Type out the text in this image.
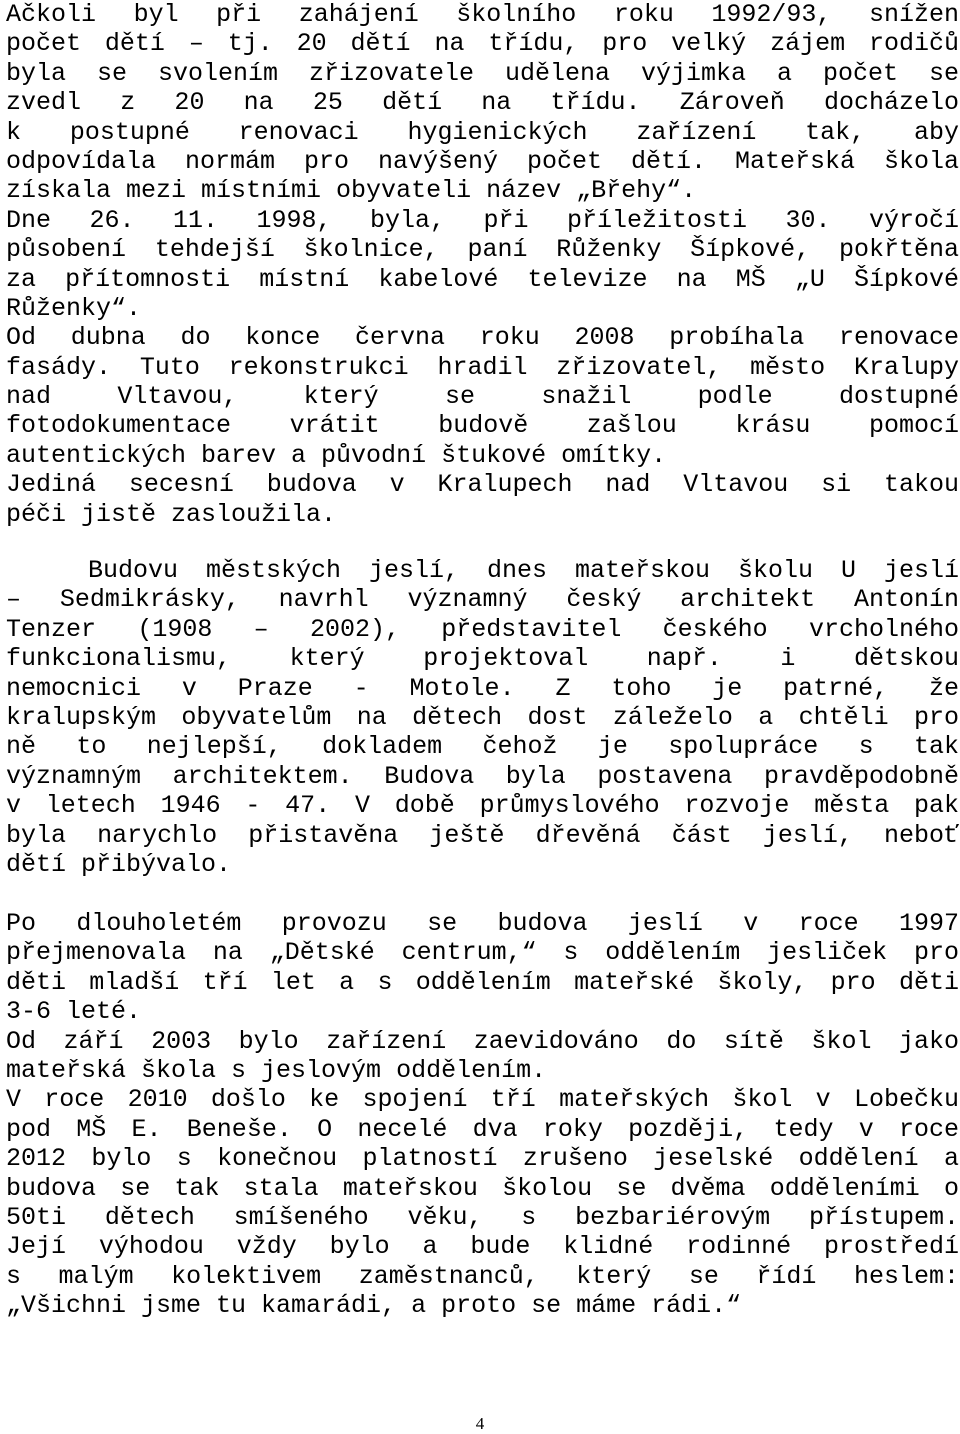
Ačkoli byl při zahájení školního roku 1992/93, snížen
počet dětí – tj. 20 dětí na třídu, pro velký zájem rodičů
byla se svolením zřizovatele udělena výjimka a počet se
zvedl z 20 na 25 dětí na třídu. Zároveň docházelo
k postupné renovaci hygienických zařízení tak, aby
odpovídala normám pro navýšený počet dětí. Mateřská škola
získala mezi místními obyvateli název „Břehy“.
Dne 26. 11. 1998, byla, při příležitosti 30. výročí
působení tehdejší školnice, paní Růženky Šípkové, pokřtěna
za přítomnosti místní kabelové televize na MŠ „U Šípkové
Růženky“.
Od dubna do konce června roku 2008 probíhala renovace
fasády. Tuto rekonstrukci hradil zřizovatel, město Kralupy
nad Vltavou, který se snažil podle dostupné
fotodokumentace vrátit budově zašlou krásu pomocí
autentických barev a původní štukové omítky.
Jediná secesní budova v Kralupech nad Vltavou si takou
péči jistě zasloužila.
Budovu městských jeslí, dnes mateřskou školu U jeslí
– Sedmikrásky, navrhl významný český architekt Antonín
Tenzer (1908 – 2002), představitel českého vrcholného
funkcionalismu, který projektoval např. i dětskou
nemocnici v Praze - Motole. Z toho je patrné, že
kralupským obyvatelům na dětech dost záleželo a chtěli pro
ně to nejlepší, dokladem čehož je spolupráce s tak
významným architektem. Budova byla postavena pravděpodobně
v letech 1946 - 47. V době průmyslového rozvoje města pak
byla narychlo přistavěna ještě dřevěná část jeslí, neboť
dětí přibývalo.
Po dlouholetém provozu se budova jeslí v roce 1997
přejmenovala na „Dětské centrum,“ s oddělením jesliček pro
děti mladší tří let a s oddělením mateřské školy, pro děti
3-6 leté.
Od září 2003 bylo zařízení zaevidováno do sítě škol jako
mateřská škola s jeslovým oddělením.
V roce 2010 došlo ke spojení tří mateřských škol v Lobečku
pod MŠ E. Beneše. O necelé dva roky později, tedy v roce
2012 bylo s konečnou platností zrušeno jeselské oddělení a
budova se tak stala mateřskou školou se dvěma odděleními o
50ti dětech smíšeného věku, s bezbariérovým přístupem.
Její výhodou vždy bylo a bude klidné rodinné prostředí
s malým kolektivem zaměstnanců, který se řídí heslem:
„Všichni jsme tu kamarádi, a proto se máme rádi.“
4
